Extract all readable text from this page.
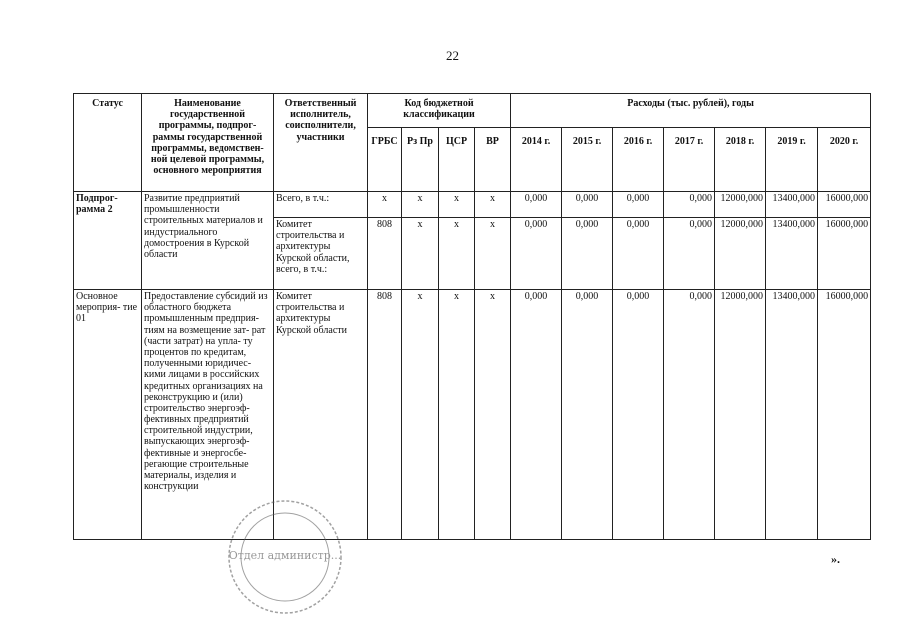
22
Статус	Наименование государственной программы, подпрог- раммы государственной программы, ведомствен- ной целевой программы, основного мероприятия	Ответственный исполнитель, соисполнители, участники	Код бюджетной классификации				Расходы (тыс. рублей), годы						
			ГРБС	Рз Пр	ЦСР	ВР	2014 г.	2015 г.	2016 г.	2017 г.	2018 г.	2019 г.	2020 г.
Подпрог- рамма 2	Развитие предприятий промышленности строительных материалов и индустриального домостроения в Курской области	Всего, в т.ч.:	х	х	х	х	0,000	0,000	0,000	0,000	12000,000	13400,000	16000,000
		Комитет строительства и архитектуры Курской области, всего, в т.ч.:	808	х	х	х	0,000	0,000	0,000	0,000	12000,000	13400,000	16000,000
Основное мероприя- тие 01	Предоставление субсидий из областного бюджета промышленным предприя- тиям на возмещение зат- рат (части затрат) на упла- ту процентов по кредитам, полученными юридичес- кими лицами в российских кредитных организациях на реконструкцию и (или) строительство энергоэф- фективных предприятий строительной индустрии, выпускающих энергоэф- фективные и энергосбе- регающие строительные материалы, изделия и конструкции	Комитет строительства и архитектуры Курской области	808	х	х	х	0,000	0,000	0,000	0,000	12000,000	13400,000	16000,000
Отдел администр...	».
